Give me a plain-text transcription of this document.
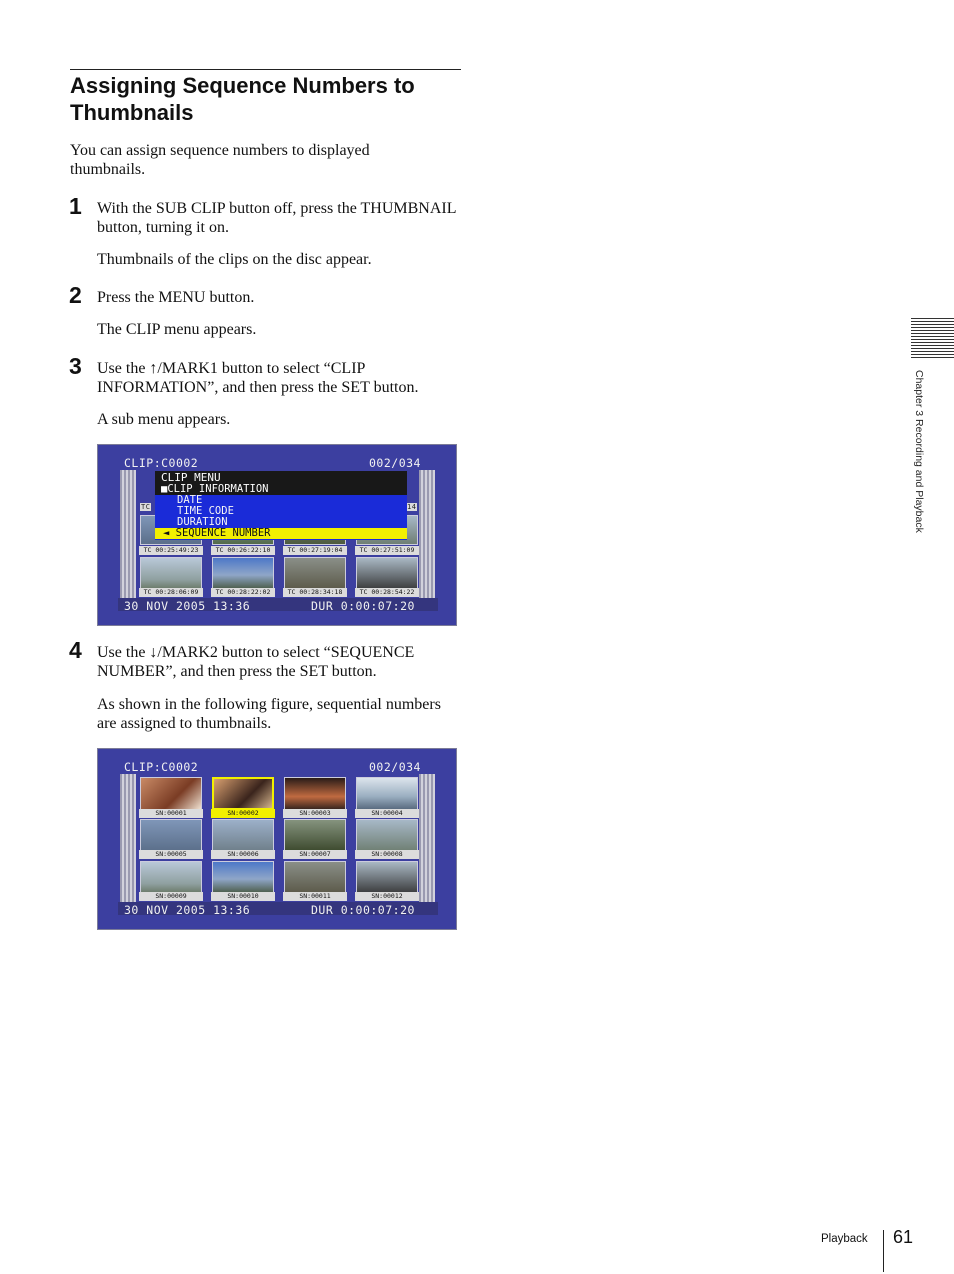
Assigning Sequence Numbers to Thumbnails

You can assign sequence numbers to displayed thumbnails.

1 With the SUB CLIP button off, press the THUMBNAIL button, turning it on.

Thumbnails of the clips on the disc appear.

2 Press the MENU button.

The CLIP menu appears.

3 Use the ↑/MARK1 button to select “CLIP INFORMATION”, and then press the SET button.

A sub menu appears.

CLIP:C0002	002/034
TC	14
TC 00:25:49:23	TC 00:26:22:10	TC 00:27:19:04	TC 00:27:51:09
TC 00:28:06:09	TC 00:28:22:02	TC 00:28:34:18	TC 00:28:54:22
CLIP MENU
■CLIP INFORMATION
DATE
TIME CODE
DURATION
◄ SEQUENCE NUMBER
30 NOV 2005 13:36	DUR 0:00:07:20
4 Use the ↓/MARK2 button to select “SEQUENCE NUMBER”, and then press the SET button.

As shown in the following figure, sequential numbers are assigned to thumbnails.

CLIP:C0002	002/034
SN:00001	SN:00002	SN:00003	SN:00004
SN:00005	SN:00006	SN:00007	SN:00008
SN:00009	SN:00010	SN:00011	SN:00012
30 NOV 2005 13:36	DUR 0:00:07:20
Chapter 3 Recording and Playback
Playback 61
